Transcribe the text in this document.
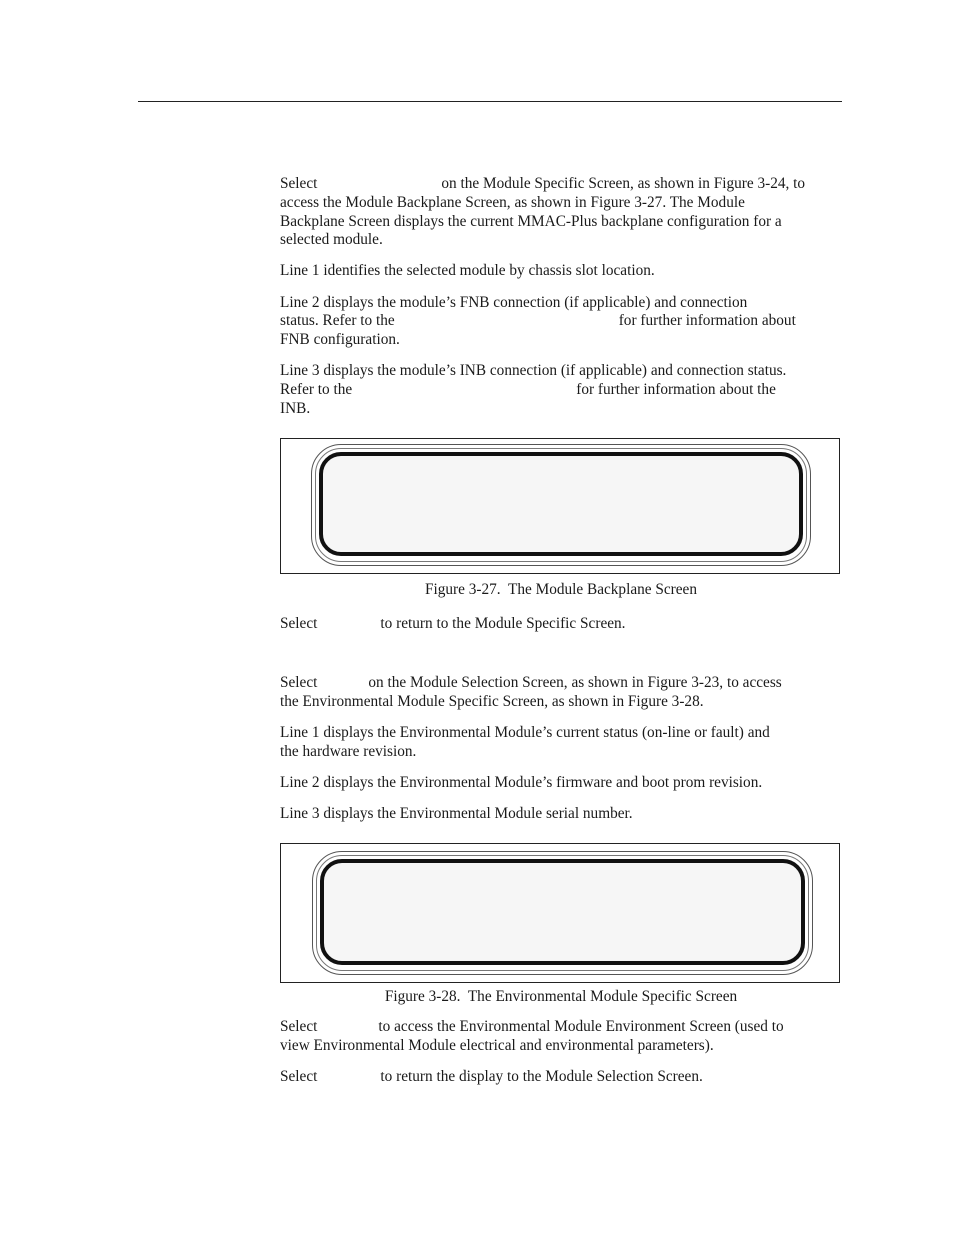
Select	on the Module Specific Screen, as shown in Figure 3-24, to

access the Module Backplane Screen, as shown in Figure 3-27. The Module

Backplane Screen displays the current MMAC-Plus backplane configuration for a

selected module.

Line 1 identifies the selected module by chassis slot location.

Line 2 displays the module’s FNB connection (if applicable) and connection

status. Refer to the	for further information about

FNB configuration.

Line 3 displays the module’s INB connection (if applicable) and connection status.

Refer to the	for further information about the

INB.

Figure 3-27.  The Module Backplane Screen

Select	to return to the Module Specific Screen.

Select	on the Module Selection Screen, as shown in Figure 3-23, to access

the Environmental Module Specific Screen, as shown in Figure 3-28.

Line 1 displays the Environmental Module’s current status (on-line or fault) and

the hardware revision.

Line 2 displays the Environmental Module’s firmware and boot prom revision.

Line 3 displays the Environmental Module serial number.

Figure 3-28.  The Environmental Module Specific Screen

Select	to access the Environmental Module Environment Screen (used to

view Environmental Module electrical and environmental parameters).

Select	to return the display to the Module Selection Screen.
